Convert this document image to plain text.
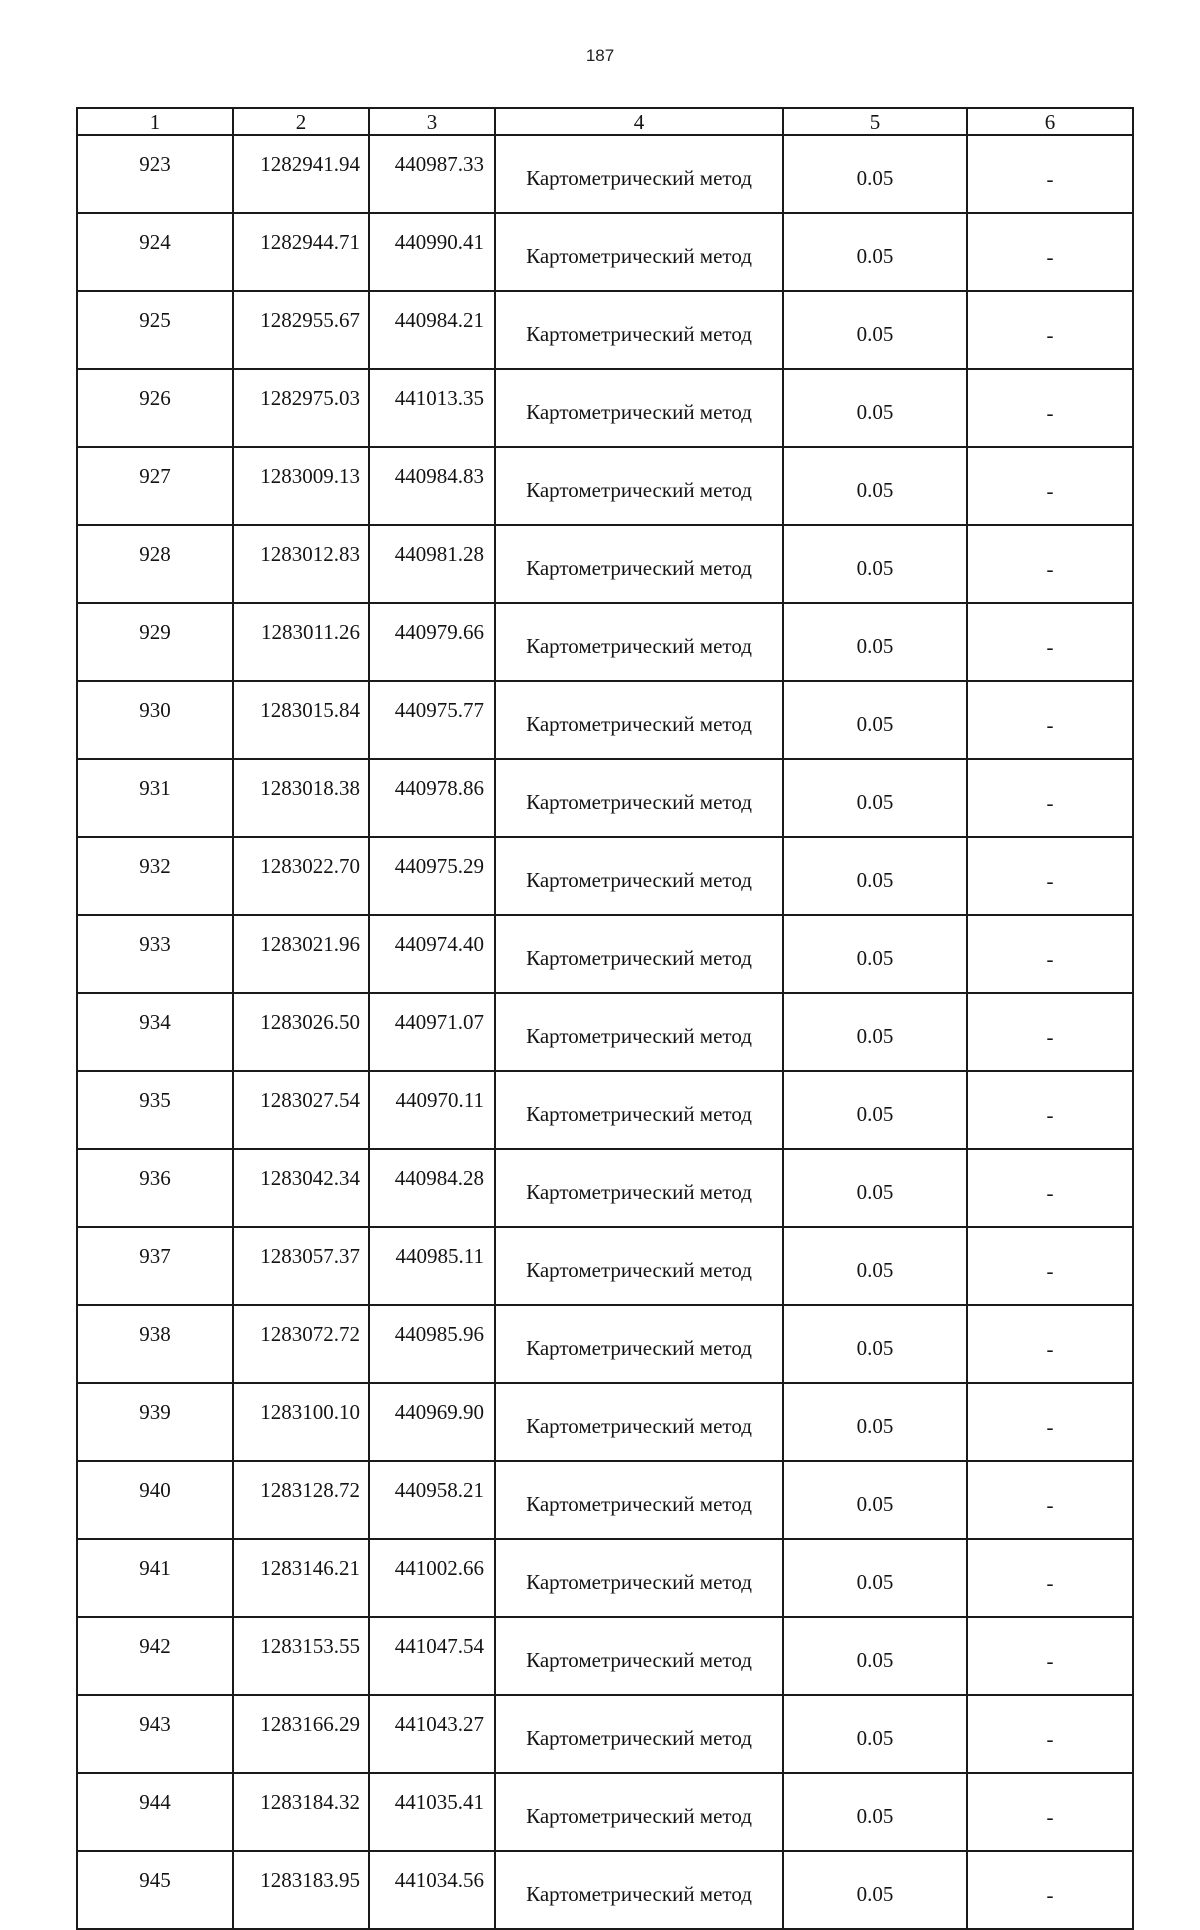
187
1	2	3	4	5	6
923	1282941.94	440987.33	Картометрический метод	0.05	-
924	1282944.71	440990.41	Картометрический метод	0.05	-
925	1282955.67	440984.21	Картометрический метод	0.05	-
926	1282975.03	441013.35	Картометрический метод	0.05	-
927	1283009.13	440984.83	Картометрический метод	0.05	-
928	1283012.83	440981.28	Картометрический метод	0.05	-
929	1283011.26	440979.66	Картометрический метод	0.05	-
930	1283015.84	440975.77	Картометрический метод	0.05	-
931	1283018.38	440978.86	Картометрический метод	0.05	-
932	1283022.70	440975.29	Картометрический метод	0.05	-
933	1283021.96	440974.40	Картометрический метод	0.05	-
934	1283026.50	440971.07	Картометрический метод	0.05	-
935	1283027.54	440970.11	Картометрический метод	0.05	-
936	1283042.34	440984.28	Картометрический метод	0.05	-
937	1283057.37	440985.11	Картометрический метод	0.05	-
938	1283072.72	440985.96	Картометрический метод	0.05	-
939	1283100.10	440969.90	Картометрический метод	0.05	-
940	1283128.72	440958.21	Картометрический метод	0.05	-
941	1283146.21	441002.66	Картометрический метод	0.05	-
942	1283153.55	441047.54	Картометрический метод	0.05	-
943	1283166.29	441043.27	Картометрический метод	0.05	-
944	1283184.32	441035.41	Картометрический метод	0.05	-
945	1283183.95	441034.56	Картометрический метод	0.05	-
